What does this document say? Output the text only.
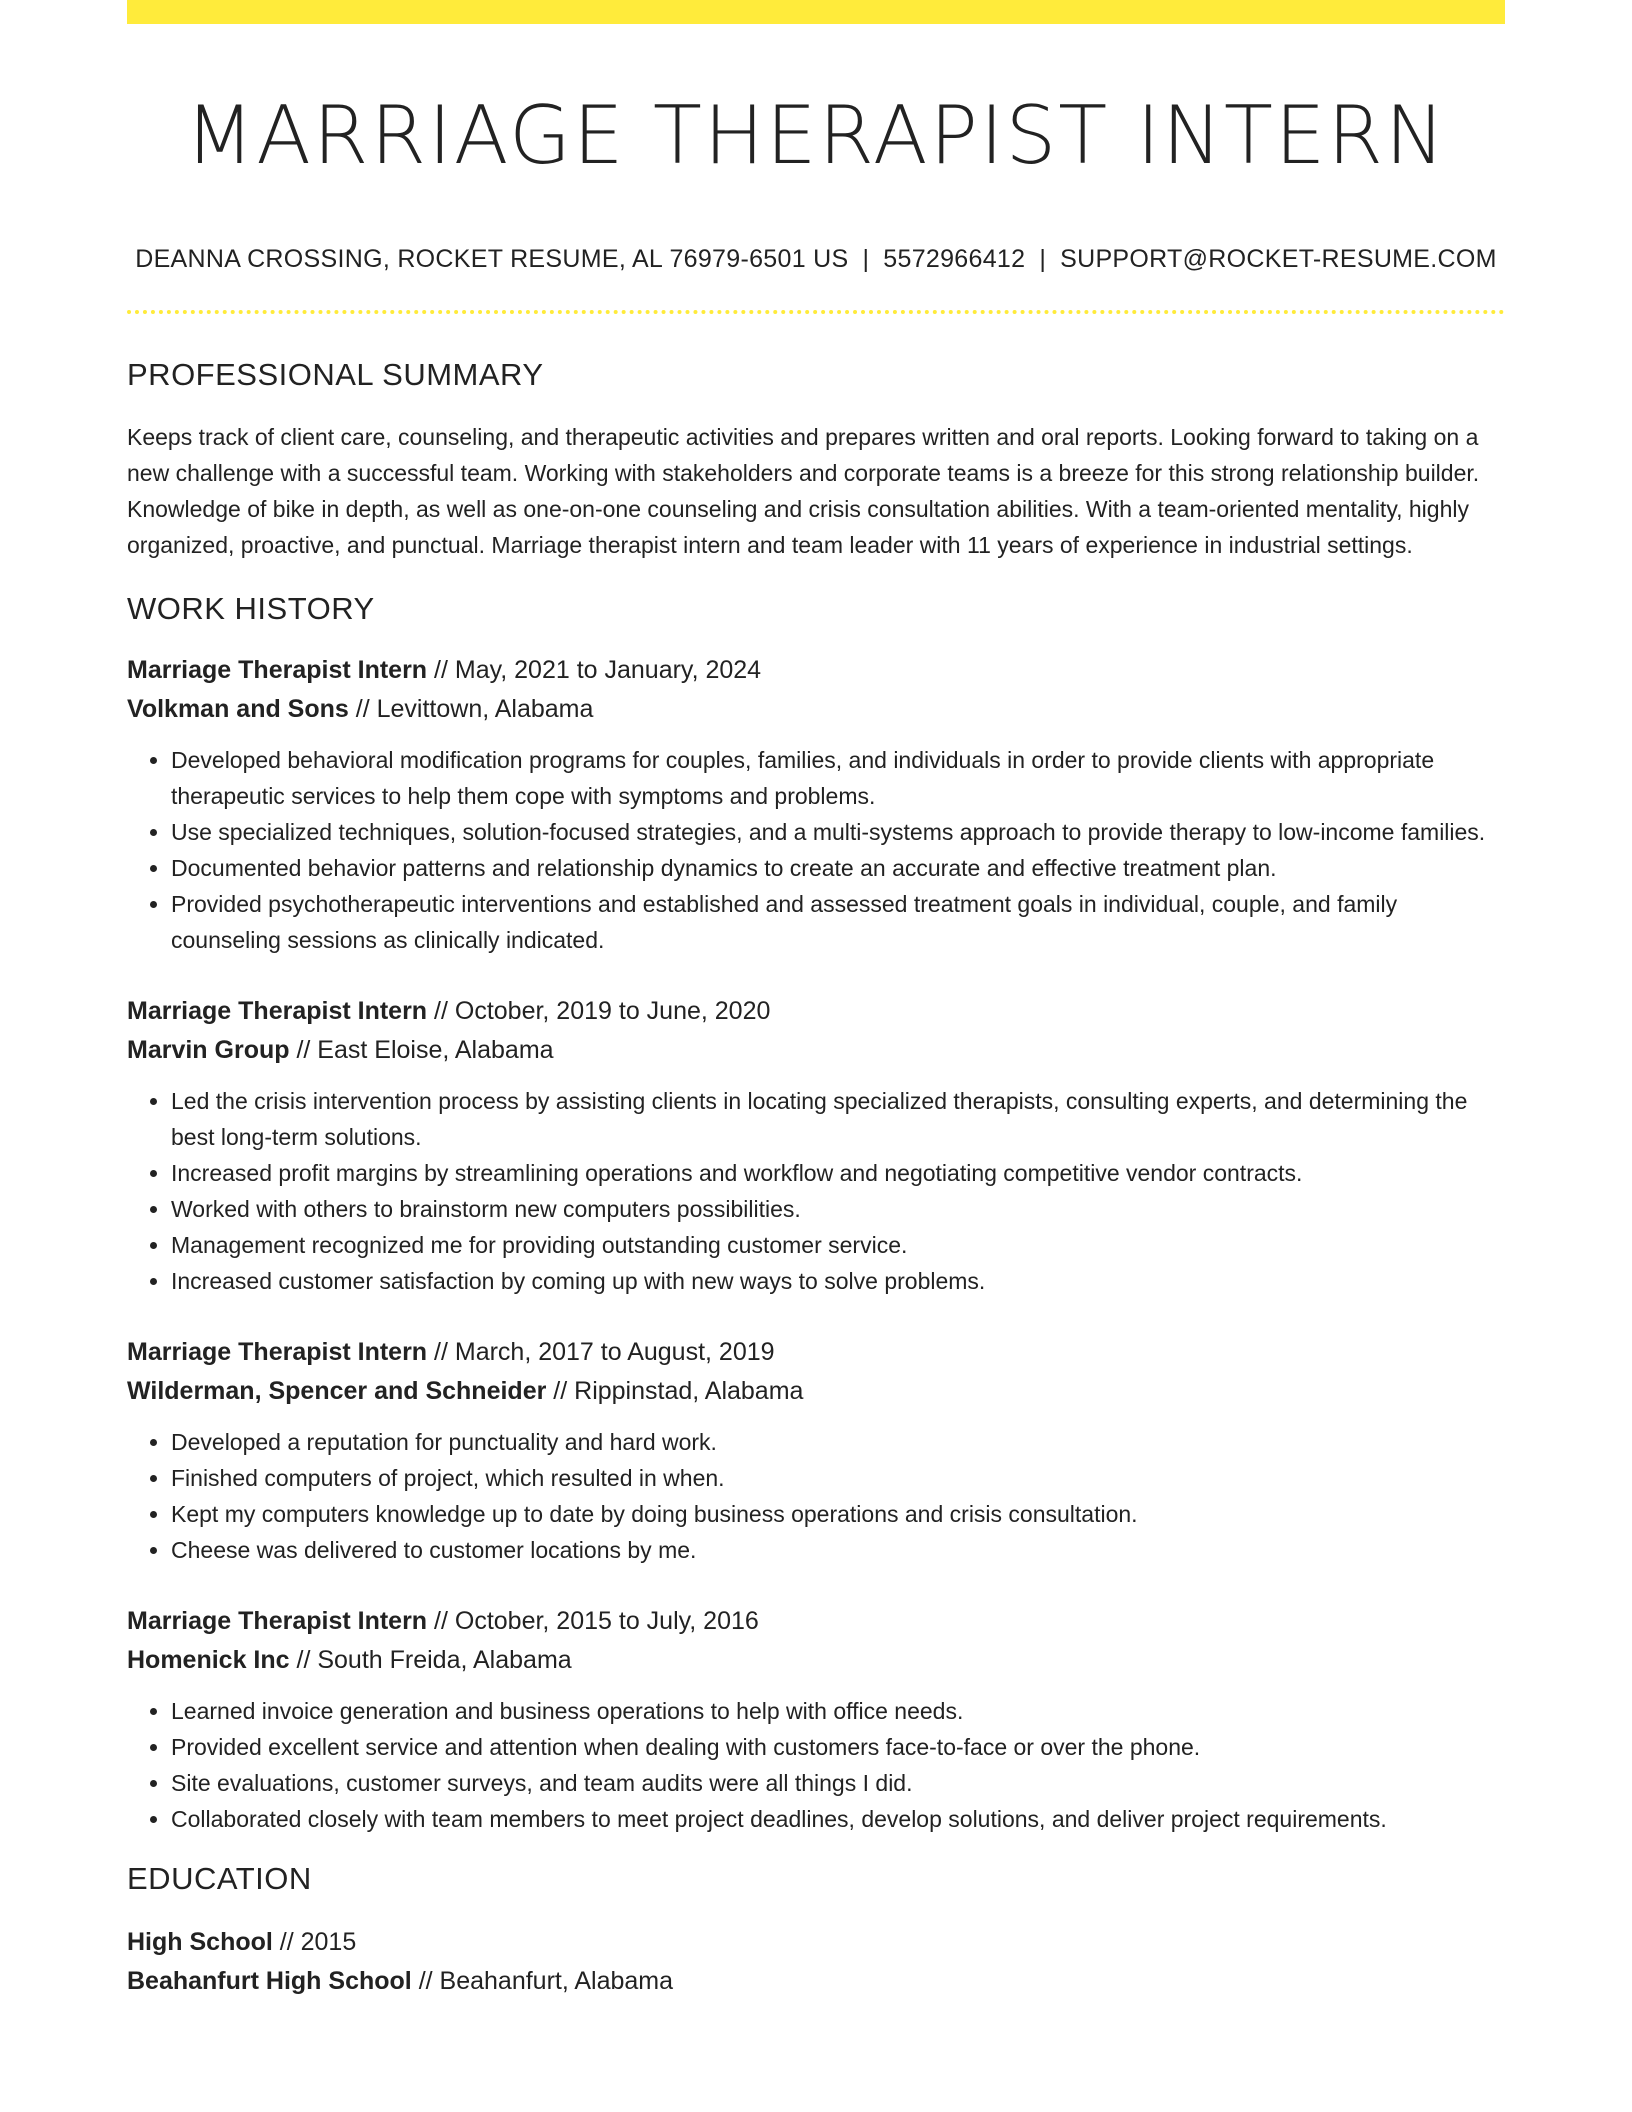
MARRIAGE THERAPIST INTERN
DEANNA CROSSING, ROCKET RESUME, AL 76979-6501 US | 5572966412 | SUPPORT@ROCKET-RESUME.COM
PROFESSIONAL SUMMARY
Keeps track of client care, counseling, and therapeutic activities and prepares written and oral reports. Looking forward to taking on a new challenge with a successful team. Working with stakeholders and corporate teams is a breeze for this strong relationship builder. Knowledge of bike in depth, as well as one-on-one counseling and crisis consultation abilities. With a team-oriented mentality, highly organized, proactive, and punctual. Marriage therapist intern and team leader with 11 years of experience in industrial settings.
WORK HISTORY
Marriage Therapist Intern // May, 2021 to January, 2024
Volkman and Sons // Levittown, Alabama
• Developed behavioral modification programs for couples, families, and individuals in order to provide clients with appropriate therapeutic services to help them cope with symptoms and problems.
• Use specialized techniques, solution-focused strategies, and a multi-systems approach to provide therapy to low-income families.
• Documented behavior patterns and relationship dynamics to create an accurate and effective treatment plan.
• Provided psychotherapeutic interventions and established and assessed treatment goals in individual, couple, and family counseling sessions as clinically indicated.
Marriage Therapist Intern // October, 2019 to June, 2020
Marvin Group // East Eloise, Alabama
• Led the crisis intervention process by assisting clients in locating specialized therapists, consulting experts, and determining the best long-term solutions.
• Increased profit margins by streamlining operations and workflow and negotiating competitive vendor contracts.
• Worked with others to brainstorm new computers possibilities.
• Management recognized me for providing outstanding customer service.
• Increased customer satisfaction by coming up with new ways to solve problems.
Marriage Therapist Intern // March, 2017 to August, 2019
Wilderman, Spencer and Schneider // Rippinstad, Alabama
• Developed a reputation for punctuality and hard work.
• Finished computers of project, which resulted in when.
• Kept my computers knowledge up to date by doing business operations and crisis consultation.
• Cheese was delivered to customer locations by me.
Marriage Therapist Intern // October, 2015 to July, 2016
Homenick Inc // South Freida, Alabama
• Learned invoice generation and business operations to help with office needs.
• Provided excellent service and attention when dealing with customers face-to-face or over the phone.
• Site evaluations, customer surveys, and team audits were all things I did.
• Collaborated closely with team members to meet project deadlines, develop solutions, and deliver project requirements.
EDUCATION
High School // 2015
Beahanfurt High School // Beahanfurt, Alabama
